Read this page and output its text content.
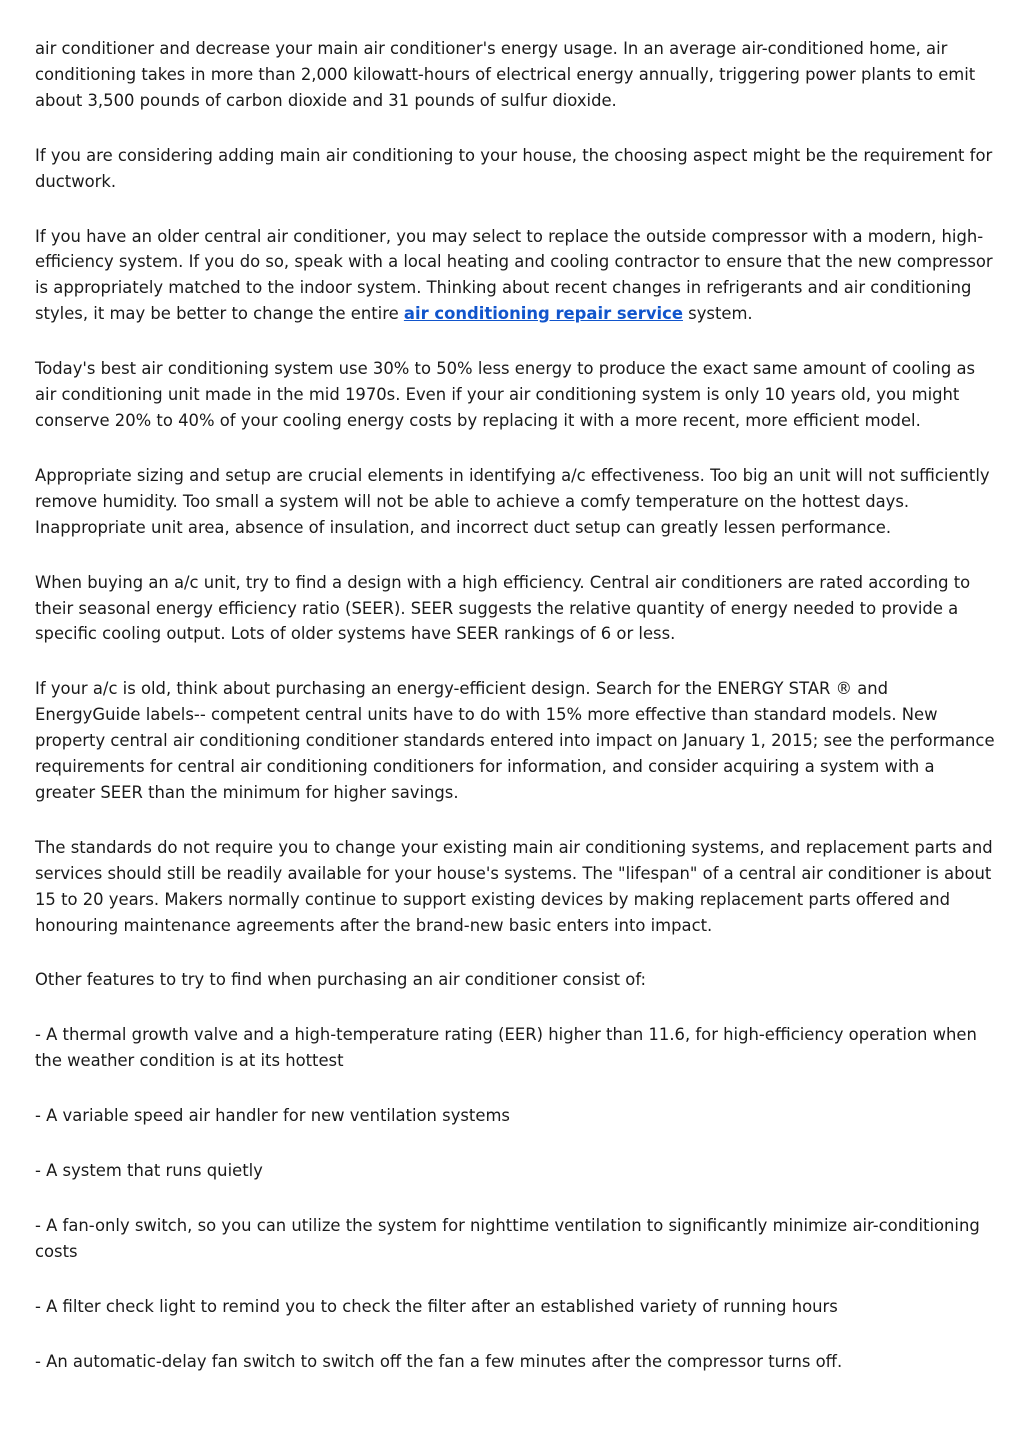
air conditioner and decrease your main air conditioner's energy usage. In an average air-conditioned home, air conditioning takes in more than 2,000 kilowatt-hours of electrical energy annually, triggering power plants to emit about 3,500 pounds of carbon dioxide and 31 pounds of sulfur dioxide.

If you are considering adding main air conditioning to your house, the choosing aspect might be the requirement for ductwork.

If you have an older central air conditioner, you may select to replace the outside compressor with a modern, high-efficiency system. If you do so, speak with a local heating and cooling contractor to ensure that the new compressor is appropriately matched to the indoor system. Thinking about recent changes in refrigerants and air conditioning styles, it may be better to change the entire air conditioning repair service system.

Today's best air conditioning system use 30% to 50% less energy to produce the exact same amount of cooling as air conditioning unit made in the mid 1970s. Even if your air conditioning system is only 10 years old, you might conserve 20% to 40% of your cooling energy costs by replacing it with a more recent, more efficient model.

Appropriate sizing and setup are crucial elements in identifying a/c effectiveness. Too big an unit will not sufficiently remove humidity. Too small a system will not be able to achieve a comfy temperature on the hottest days. Inappropriate unit area, absence of insulation, and incorrect duct setup can greatly lessen performance.

When buying an a/c unit, try to find a design with a high efficiency. Central air conditioners are rated according to their seasonal energy efficiency ratio (SEER). SEER suggests the relative quantity of energy needed to provide a specific cooling output. Lots of older systems have SEER rankings of 6 or less.

If your a/c is old, think about purchasing an energy-efficient design. Search for the ENERGY STAR ® and EnergyGuide labels-- competent central units have to do with 15% more effective than standard models. New property central air conditioning conditioner standards entered into impact on January 1, 2015; see the performance requirements for central air conditioning conditioners for information, and consider acquiring a system with a greater SEER than the minimum for higher savings.

The standards do not require you to change your existing main air conditioning systems, and replacement parts and services should still be readily available for your house's systems. The "lifespan" of a central air conditioner is about 15 to 20 years. Makers normally continue to support existing devices by making replacement parts offered and honouring maintenance agreements after the brand-new basic enters into impact.

Other features to try to find when purchasing an air conditioner consist of:

- A thermal growth valve and a high-temperature rating (EER) higher than 11.6, for high-efficiency operation when the weather condition is at its hottest

- A variable speed air handler for new ventilation systems

- A system that runs quietly

- A fan-only switch, so you can utilize the system for nighttime ventilation to significantly minimize air-conditioning costs

- A filter check light to remind you to check the filter after an established variety of running hours

- An automatic-delay fan switch to switch off the fan a few minutes after the compressor turns off.
